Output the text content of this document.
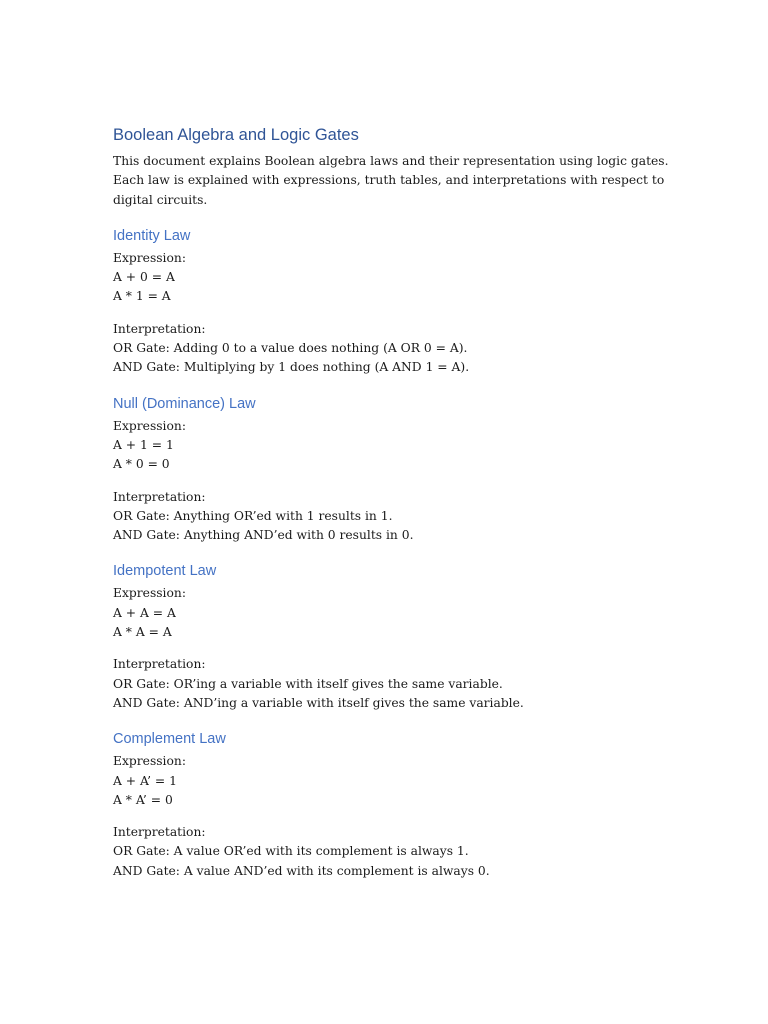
Boolean Algebra and Logic Gates

This document explains Boolean algebra laws and their representation using logic gates.

Each law is explained with expressions, truth tables, and interpretations with respect to

digital circuits.

Identity Law

Expression:

A + 0 = A

A * 1 = A

Interpretation:

OR Gate: Adding 0 to a value does nothing (A OR 0 = A).

AND Gate: Multiplying by 1 does nothing (A AND 1 = A).

Null (Dominance) Law

Expression:

A + 1 = 1

A * 0 = 0

Interpretation:

OR Gate: Anything OR’ed with 1 results in 1.

AND Gate: Anything AND’ed with 0 results in 0.

Idempotent Law

Expression:

A + A = A

A * A = A

Interpretation:

OR Gate: OR’ing a variable with itself gives the same variable.

AND Gate: AND’ing a variable with itself gives the same variable.

Complement Law

Expression:

A + A’ = 1

A * A’ = 0

Interpretation:

OR Gate: A value OR’ed with its complement is always 1.

AND Gate: A value AND’ed with its complement is always 0.
